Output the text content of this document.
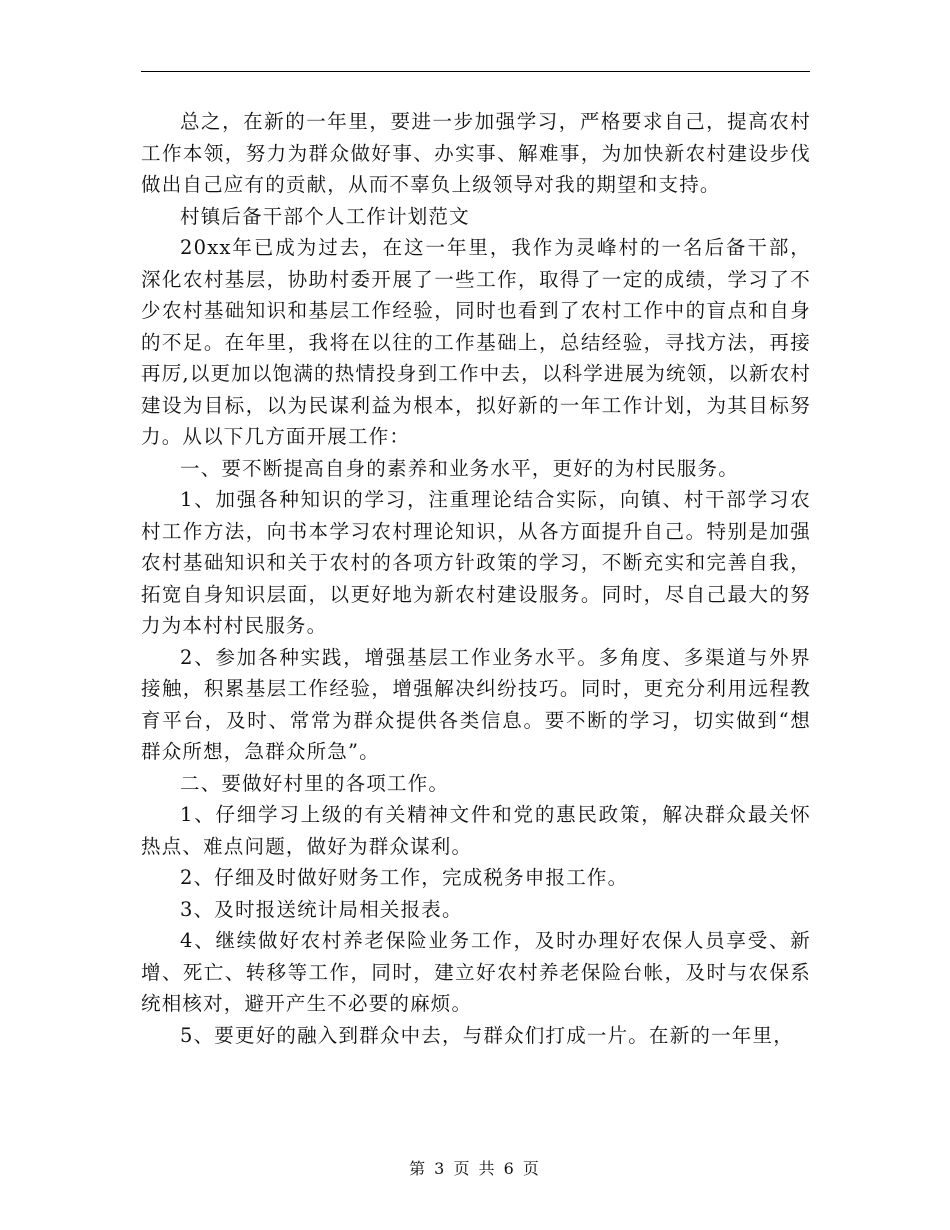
总之，在新的一年里，要进一步加强学习，严格要求自己，提高农村工作本领，努力为群众做好事、办实事、解难事，为加快新农村建设步伐做出自己应有的贡献，从而不辜负上级领导对我的期望和支持。

村镇后备干部个人工作计划范文

20xx年已成为过去，在这一年里，我作为灵峰村的一名后备干部，深化农村基层，协助村委开展了一些工作，取得了一定的成绩，学习了不少农村基础知识和基层工作经验，同时也看到了农村工作中的盲点和自身的不足。在年里，我将在以往的工作基础上，总结经验，寻找方法，再接再厉,以更加以饱满的热情投身到工作中去，以科学进展为统领，以新农村建设为目标，以为民谋利益为根本，拟好新的一年工作计划，为其目标努力。从以下几方面开展工作：

一、要不断提高自身的素养和业务水平，更好的为村民服务。

1、加强各种知识的学习，注重理论结合实际，向镇、村干部学习农村工作方法，向书本学习农村理论知识，从各方面提升自己。特别是加强农村基础知识和关于农村的各项方针政策的学习，不断充实和完善自我，拓宽自身知识层面，以更好地为新农村建设服务。同时，尽自己最大的努力为本村村民服务。

2、参加各种实践，增强基层工作业务水平。多角度、多渠道与外界接触，积累基层工作经验，增强解决纠纷技巧。同时，更充分利用远程教育平台，及时、常常为群众提供各类信息。要不断的学习，切实做到“想群众所想，急群众所急”。

二、要做好村里的各项工作。

1、仔细学习上级的有关精神文件和党的惠民政策，解决群众最关怀热点、难点问题，做好为群众谋利。

2、仔细及时做好财务工作，完成税务申报工作。

3、及时报送统计局相关报表。

4、继续做好农村养老保险业务工作，及时办理好农保人员享受、新增、死亡、转移等工作，同时，建立好农村养老保险台帐，及时与农保系统相核对，避开产生不必要的麻烦。

5、要更好的融入到群众中去，与群众们打成一片。在新的一年里，

第 3 页 共 6 页
